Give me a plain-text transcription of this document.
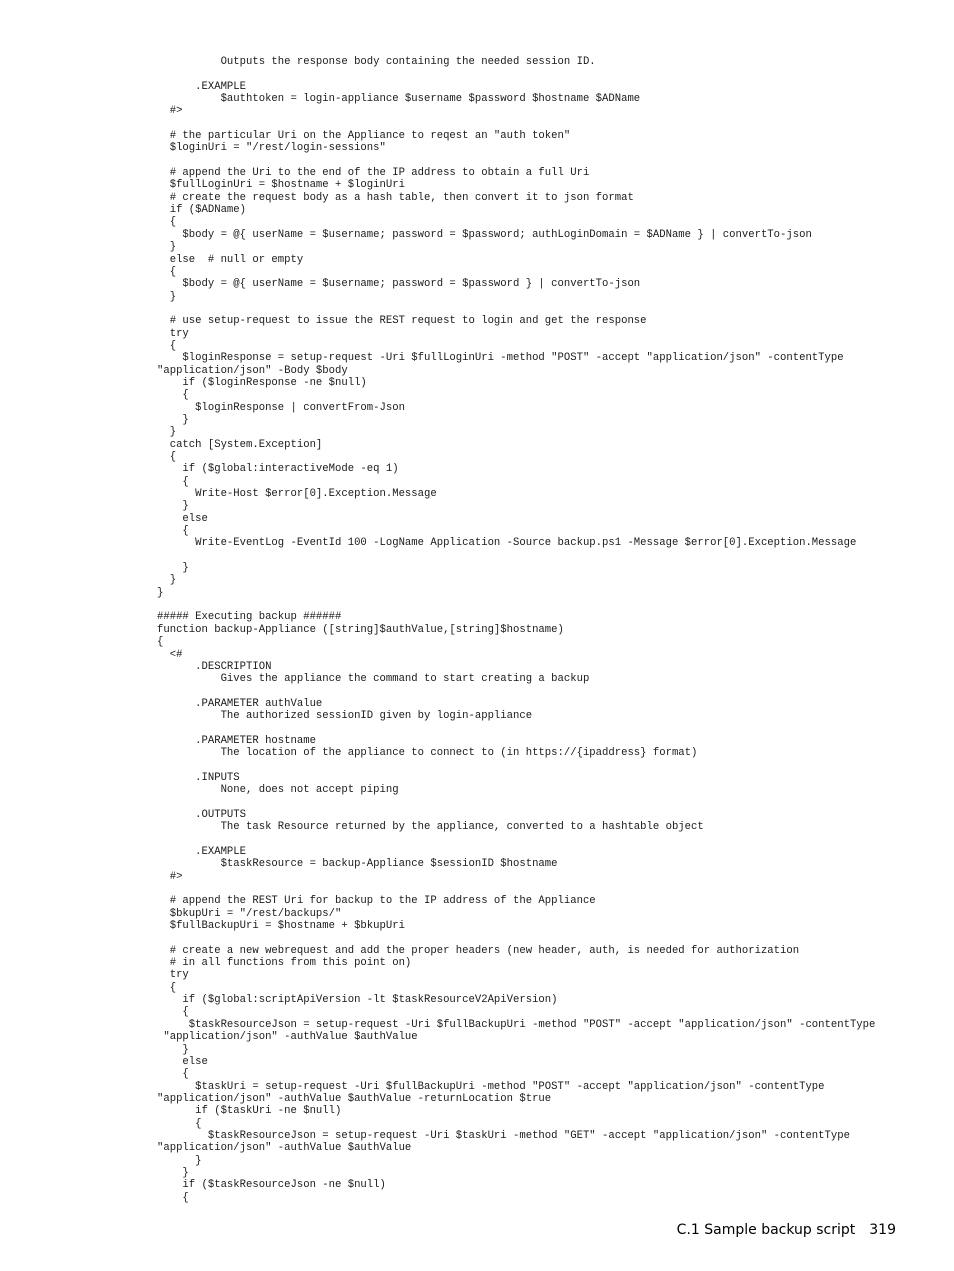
Outputs the response body containing the needed session ID.
.EXAMPLE
$authtoken = login-appliance $username $password $hostname $ADName
#>
# the particular Uri on the Appliance to reqest an "auth token"
$loginUri = "/rest/login-sessions"
# append the Uri to the end of the IP address to obtain a full Uri
$fullLoginUri = $hostname + $loginUri
# create the request body as a hash table, then convert it to json format
if ($ADName)
{
$body = @{ userName = $username; password = $password; authLoginDomain = $ADName } | convertTo-json
}
else  # null or empty
{
$body = @{ userName = $username; password = $password } | convertTo-json
}
# use setup-request to issue the REST request to login and get the response
try
{
$loginResponse = setup-request -Uri $fullLoginUri -method "POST" -accept "application/json" -contentType
"application/json" -Body $body
if ($loginResponse -ne $null)
{
$loginResponse | convertFrom-Json
}
}
catch [System.Exception]
{
if ($global:interactiveMode -eq 1)
{
Write-Host $error[0].Exception.Message
}
else
{
Write-EventLog -EventId 100 -LogName Application -Source backup.ps1 -Message $error[0].Exception.Message
}
}
}
##### Executing backup ######
function backup-Appliance ([string]$authValue,[string]$hostname)
{
<#
.DESCRIPTION
Gives the appliance the command to start creating a backup
.PARAMETER authValue
The authorized sessionID given by login-appliance
.PARAMETER hostname
The location of the appliance to connect to (in https://{ipaddress} format)
.INPUTS
None, does not accept piping
.OUTPUTS
The task Resource returned by the appliance, converted to a hashtable object
.EXAMPLE
$taskResource = backup-Appliance $sessionID $hostname
#>
# append the REST Uri for backup to the IP address of the Appliance
$bkupUri = "/rest/backups/"
$fullBackupUri = $hostname + $bkupUri
# create a new webrequest and add the proper headers (new header, auth, is needed for authorization
# in all functions from this point on)
try
{
if ($global:scriptApiVersion -lt $taskResourceV2ApiVersion)
{
$taskResourceJson = setup-request -Uri $fullBackupUri -method "POST" -accept "application/json" -contentType
"application/json" -authValue $authValue
}
else
{
$taskUri = setup-request -Uri $fullBackupUri -method "POST" -accept "application/json" -contentType
"application/json" -authValue $authValue -returnLocation $true
if ($taskUri -ne $null)
{
$taskResourceJson = setup-request -Uri $taskUri -method "GET" -accept "application/json" -contentType
"application/json" -authValue $authValue
}
}
if ($taskResourceJson -ne $null)
{
C.1 Sample backup script 319
